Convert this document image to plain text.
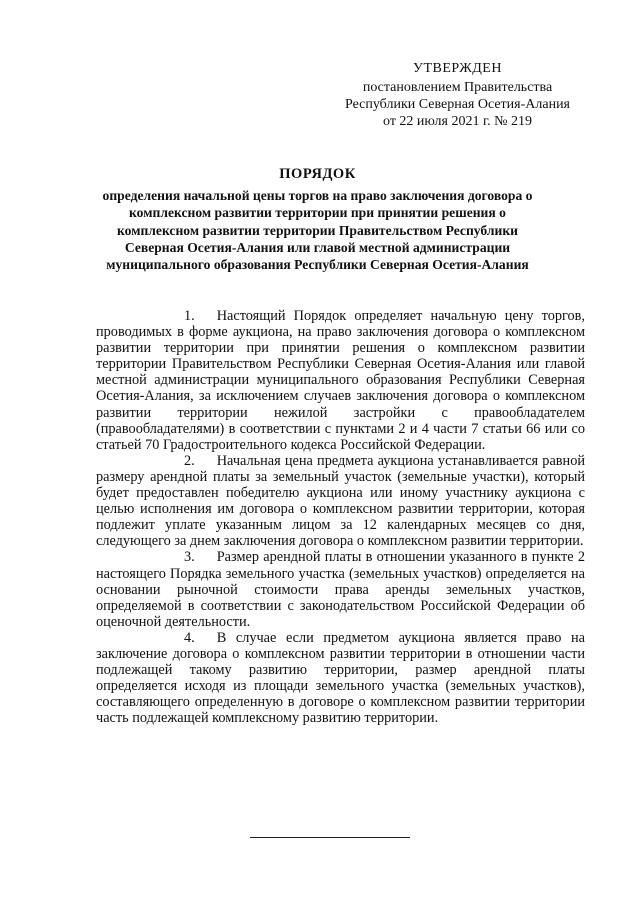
УТВЕРЖДЕН
постановлением Правительства
Республики Северная Осетия-Алания
от 22 июля 2021 г. № 219
ПОРЯДОК
определения начальной цены торгов на право заключения договора о комплексном развитии территории при принятии решения о комплексном развитии территории Правительством Республики Северная Осетия-Алания или главой местной администрации муниципального образования Республики Северная Осетия-Алания

1. Настоящий Порядок определяет начальную цену торгов, проводимых в форме аукциона, на право заключения договора о комплексном развитии территории при принятии решения о комплексном развитии территории Правительством Республики Северная Осетия-Алания или главой местной администрации муниципального образования Республики Северная Осетия-Алания, за исключением случаев заключения договора о комплексном развитии территории нежилой застройки с правообладателем (правообладателями) в соответствии с пунктами 2 и 4 части 7 статьи 66 или со статьей 70 Градостроительного кодекса Российской Федерации.

2. Начальная цена предмета аукциона устанавливается равной размеру арендной платы за земельный участок (земельные участки), который будет предоставлен победителю аукциона или иному участнику аукциона с целью исполнения им договора о комплексном развитии территории, которая подлежит уплате указанным лицом за 12 календарных месяцев со дня, следующего за днем заключения договора о комплексном развитии территории.

3. Размер арендной платы в отношении указанного в пункте 2 настоящего Порядка земельного участка (земельных участков) определяется на основании рыночной стоимости права аренды земельных участков, определяемой в соответствии с законодательством Российской Федерации об оценочной деятельности.

4. В случае если предметом аукциона является право на заключение договора о комплексном развитии территории в отношении части подлежащей такому развитию территории, размер арендной платы определяется исходя из площади земельного участка (земельных участков), составляющего определенную в договоре о комплексном развитии территории часть подлежащей комплексному развитию территории.
